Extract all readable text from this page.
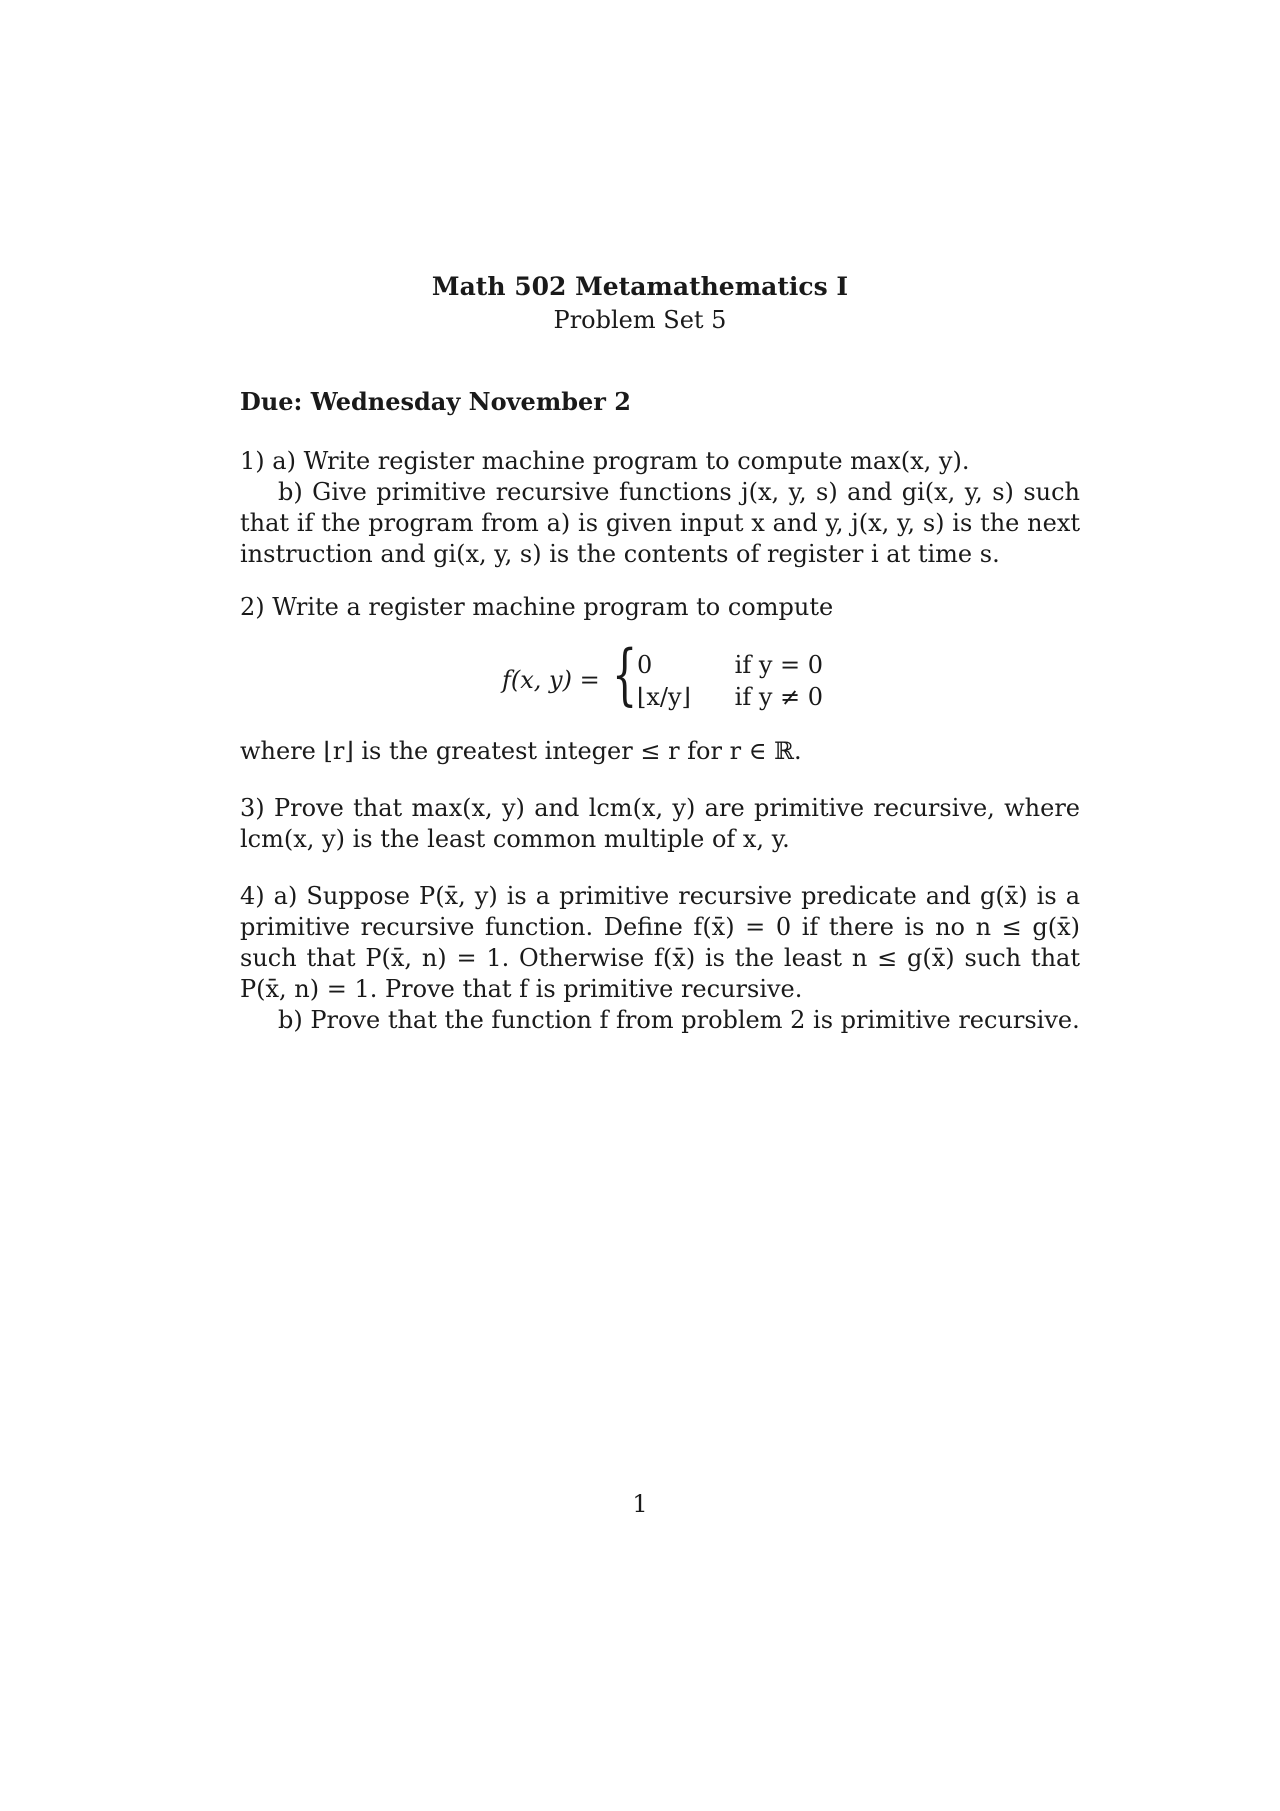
Math 502 Metamathematics I
Problem Set 5
Due: Wednesday November 2

1) a) Write register machine program to compute max(x, y).

b) Give primitive recursive functions j(x, y, s) and gi(x, y, s) such that if the program from a) is given input x and y, j(x, y, s) is the next instruction and gi(x, y, s) is the contents of register i at time s.

2) Write a register machine program to compute

f(x, y) = { 0	if y = 0
⌊x/y⌋ if y ≠ 0

where ⌊r⌋ is the greatest integer ≤ r for r ∈ ℝ.

3) Prove that max(x, y) and lcm(x, y) are primitive recursive, where lcm(x, y) is the least common multiple of x, y.

4) a) Suppose P(x̄, y) is a primitive recursive predicate and g(x̄) is a primitive recursive function. Define f(x̄) = 0 if there is no n ≤ g(x̄) such that P(x̄, n) = 1. Otherwise f(x̄) is the least n ≤ g(x̄) such that P(x̄, n) = 1. Prove that f is primitive recursive.

b) Prove that the function f from problem 2 is primitive recursive.

1
